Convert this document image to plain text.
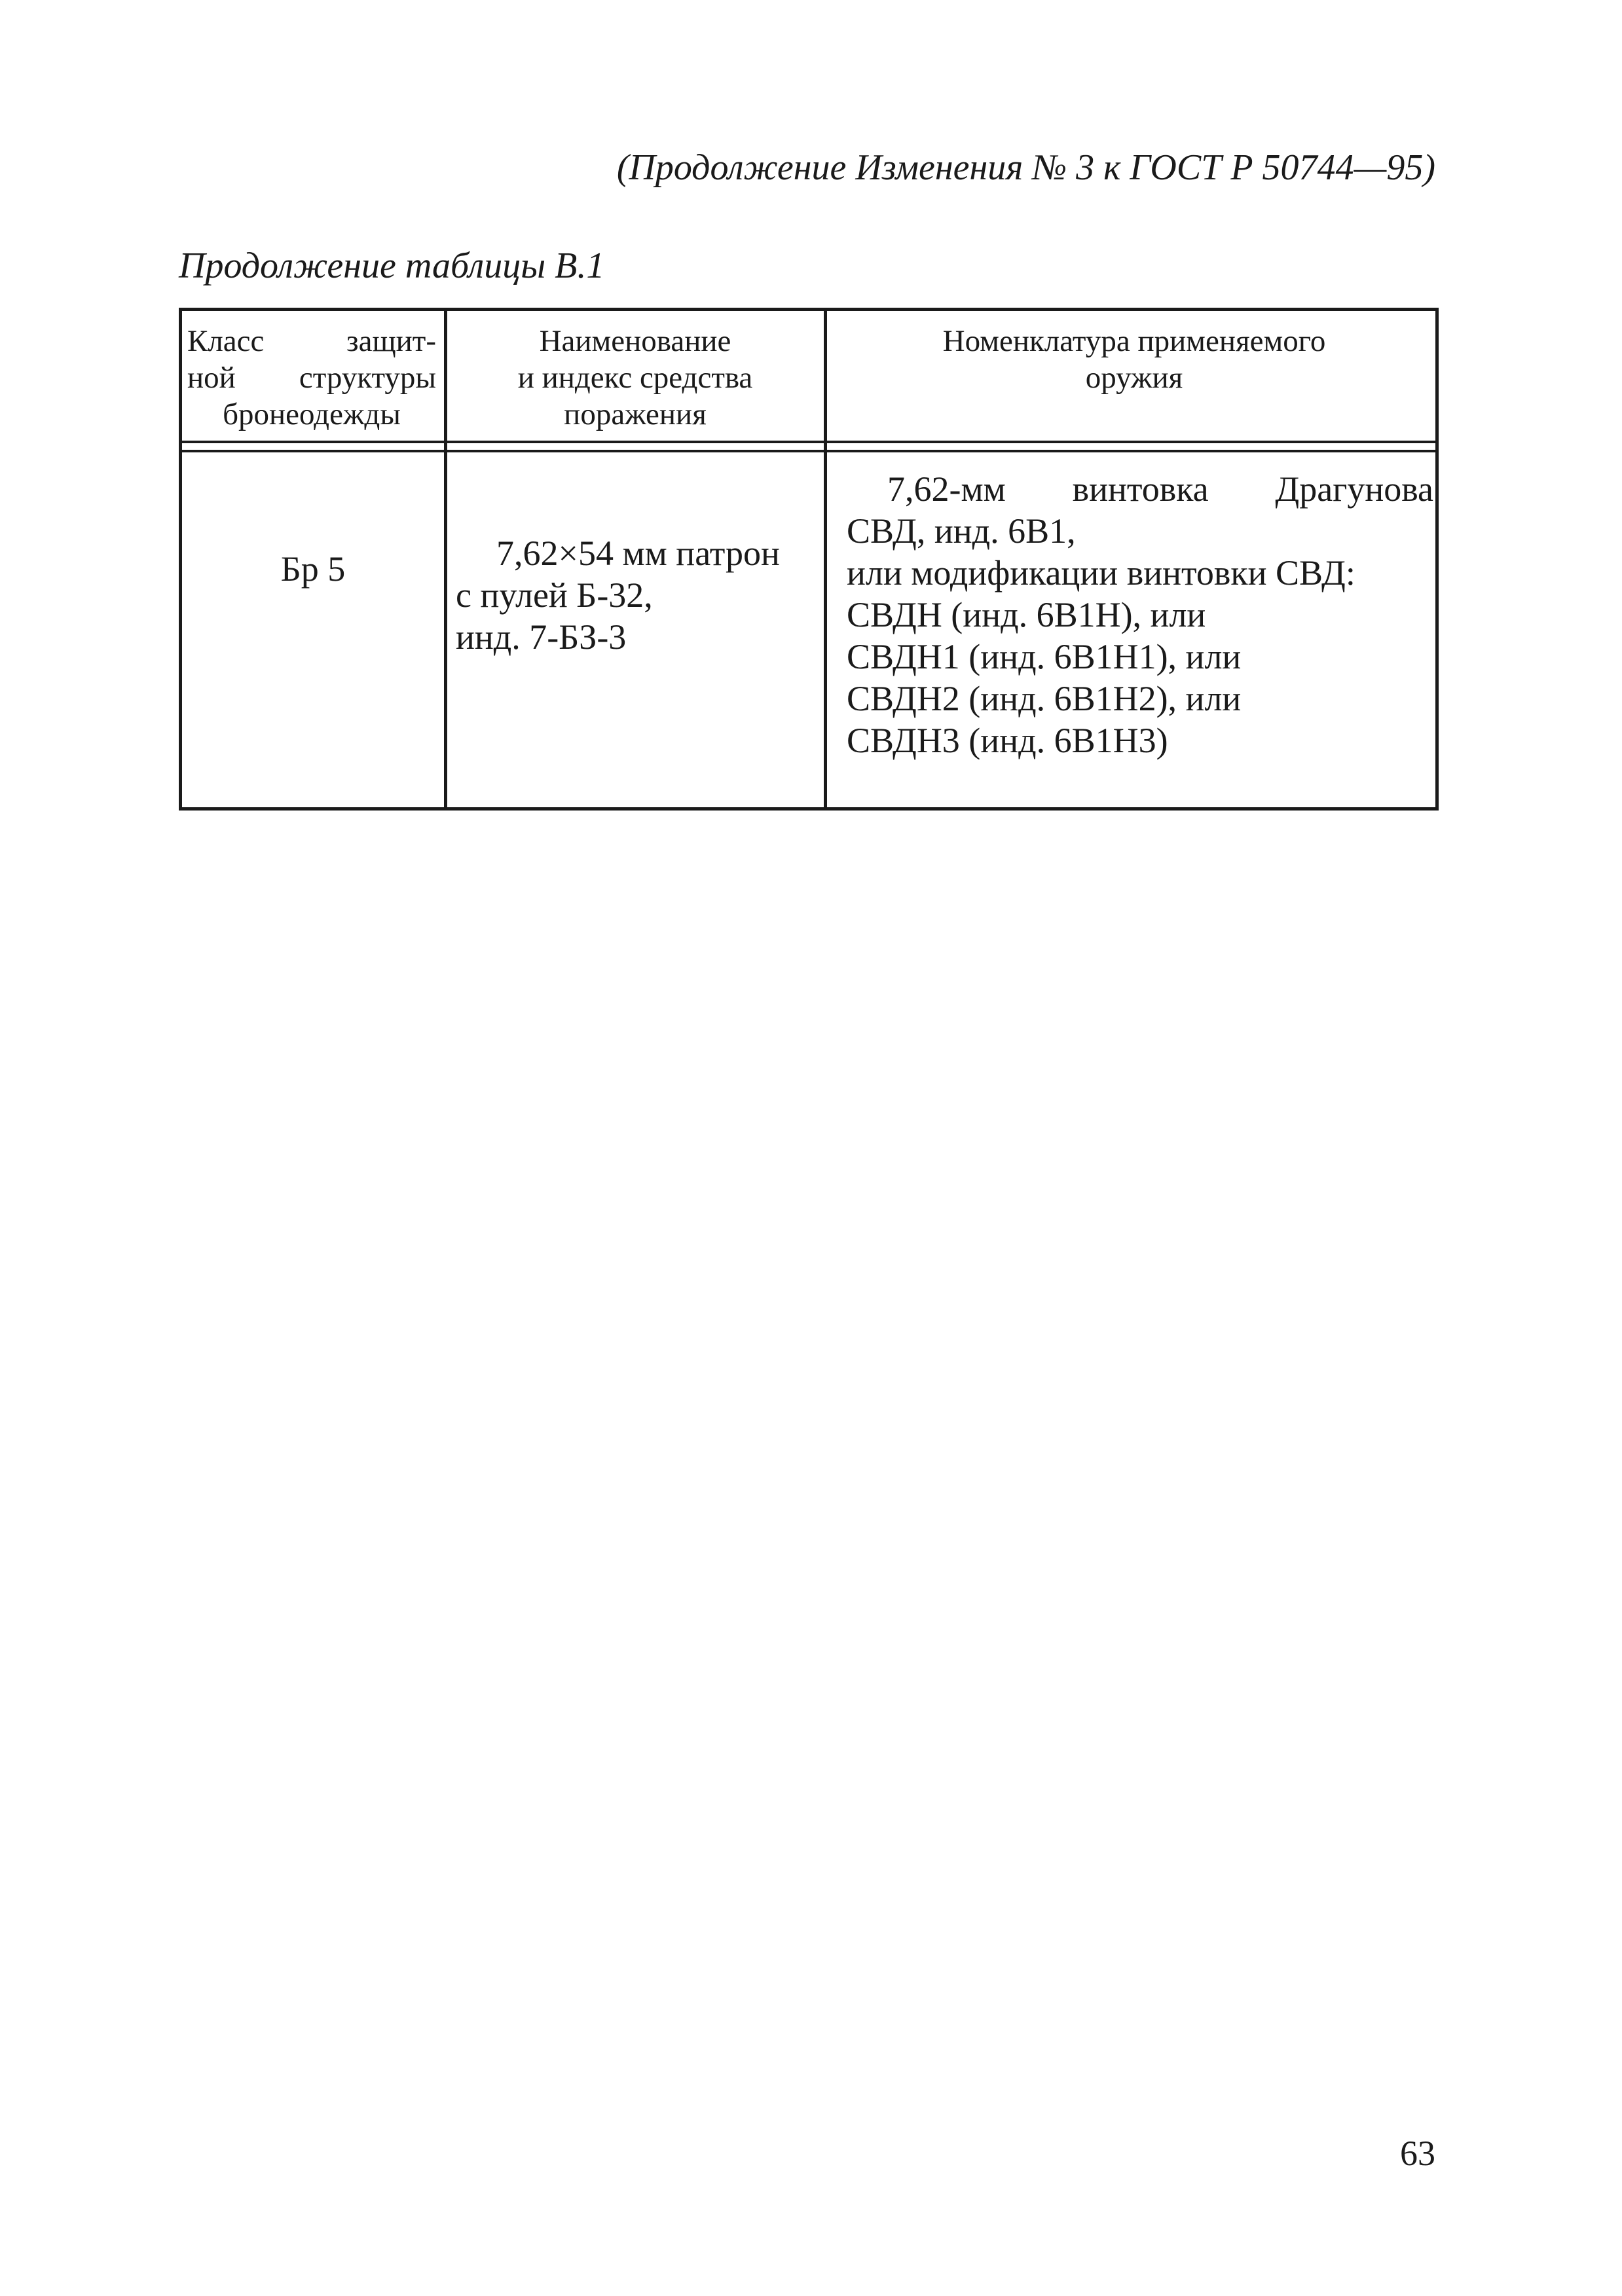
(Продолжение Изменения № 3 к ГОСТ Р 50744—95)
Продолжение таблицы В.1
Класс защит-
ной структуры
бронеодежды
Наименование
и индекс средства
поражения
Номенклатура применяемого
оружия
Бр 5	7,62×54 мм патрон
с пулей Б-32,
инд. 7-БЗ-3
7,62-мм винтовка Драгунова
СВД, инд. 6В1,
или модификации винтовки СВД:
СВДН (инд. 6В1Н), или
СВДН1 (инд. 6В1Н1), или
СВДН2 (инд. 6В1Н2), или
СВДН3 (инд. 6В1Н3)
63
